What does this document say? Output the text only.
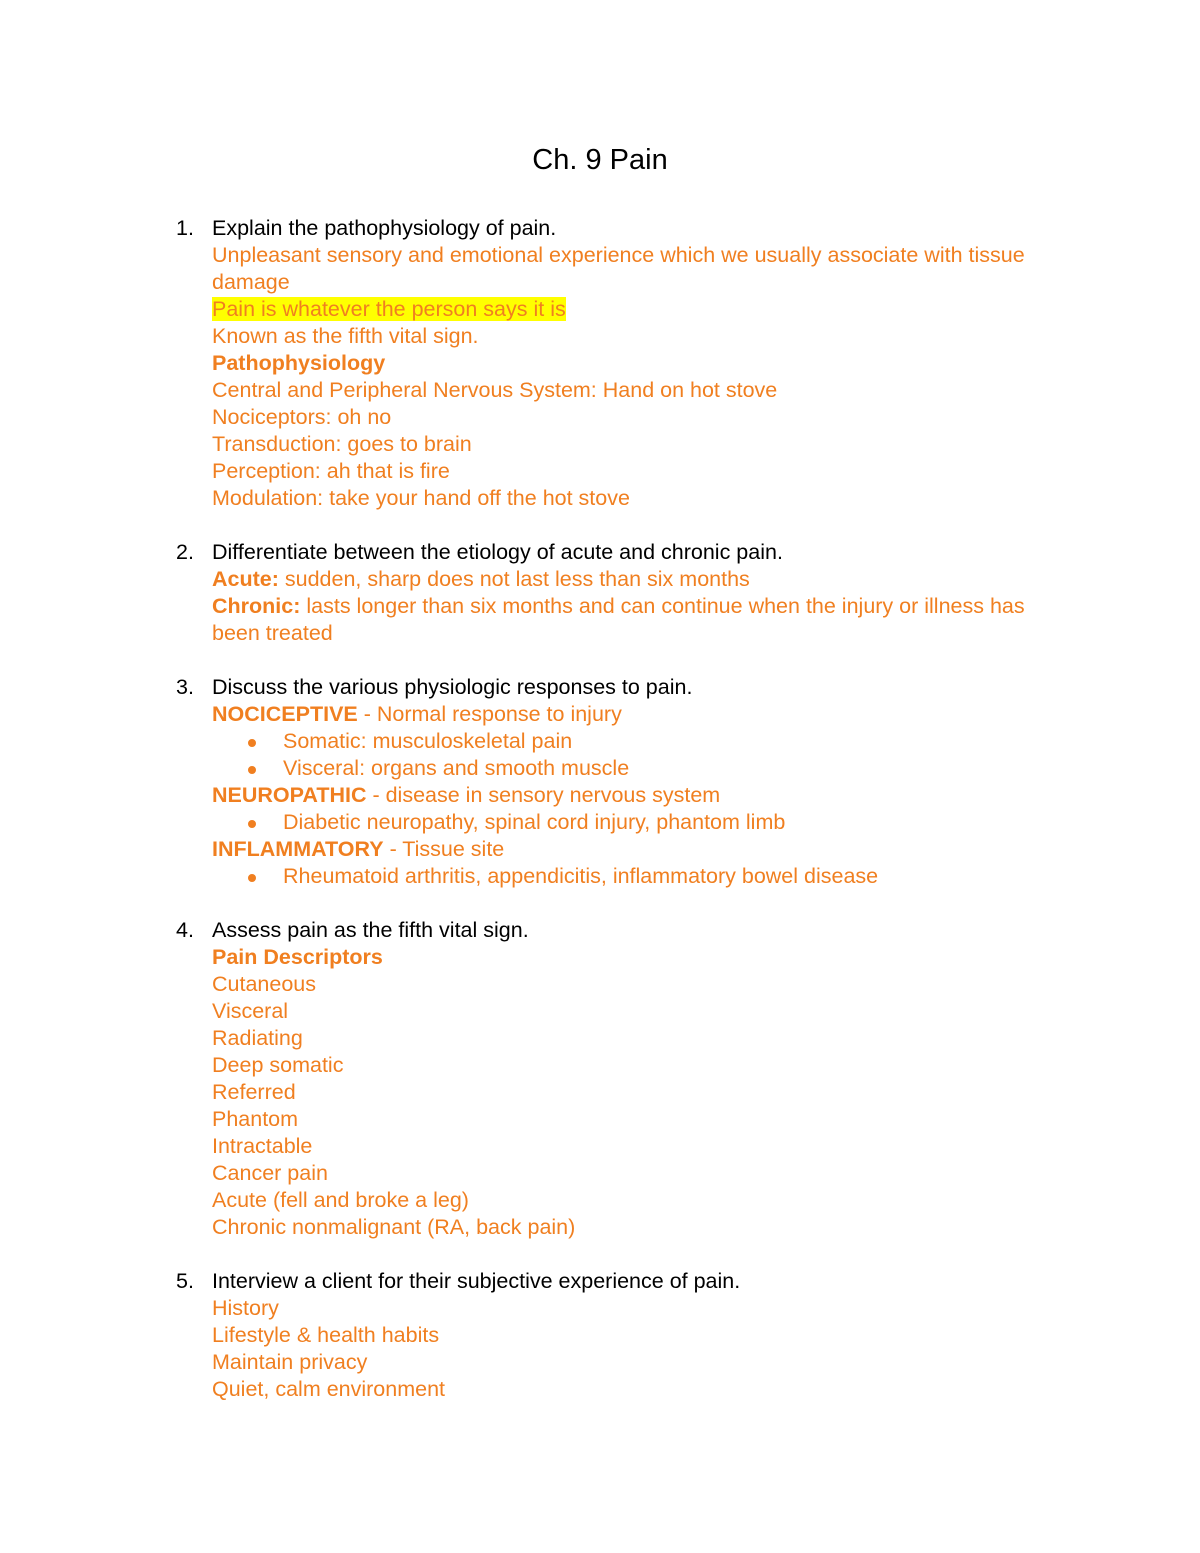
Ch. 9 Pain
1. Explain the pathophysiology of pain.
Unpleasant sensory and emotional experience which we usually associate with tissue damage
Pain is whatever the person says it is
Known as the fifth vital sign.
Pathophysiology
Central and Peripheral Nervous System: Hand on hot stove
Nociceptors: oh no
Transduction: goes to brain
Perception: ah that is fire
Modulation: take your hand off the hot stove
2. Differentiate between the etiology of acute and chronic pain.
Acute: sudden, sharp does not last less than six months
Chronic: lasts longer than six months and can continue when the injury or illness has been treated
3. Discuss the various physiologic responses to pain.
NOCICEPTIVE - Normal response to injury
Somatic: musculoskeletal pain
Visceral: organs and smooth muscle
NEUROPATHIC - disease in sensory nervous system
Diabetic neuropathy, spinal cord injury, phantom limb
INFLAMMATORY - Tissue site
Rheumatoid arthritis, appendicitis, inflammatory bowel disease
4. Assess pain as the fifth vital sign.
Pain Descriptors
Cutaneous
Visceral
Radiating
Deep somatic
Referred
Phantom
Intractable
Cancer pain
Acute (fell and broke a leg)
Chronic nonmalignant (RA, back pain)
5. Interview a client for their subjective experience of pain.
History
Lifestyle & health habits
Maintain privacy
Quiet, calm environment
